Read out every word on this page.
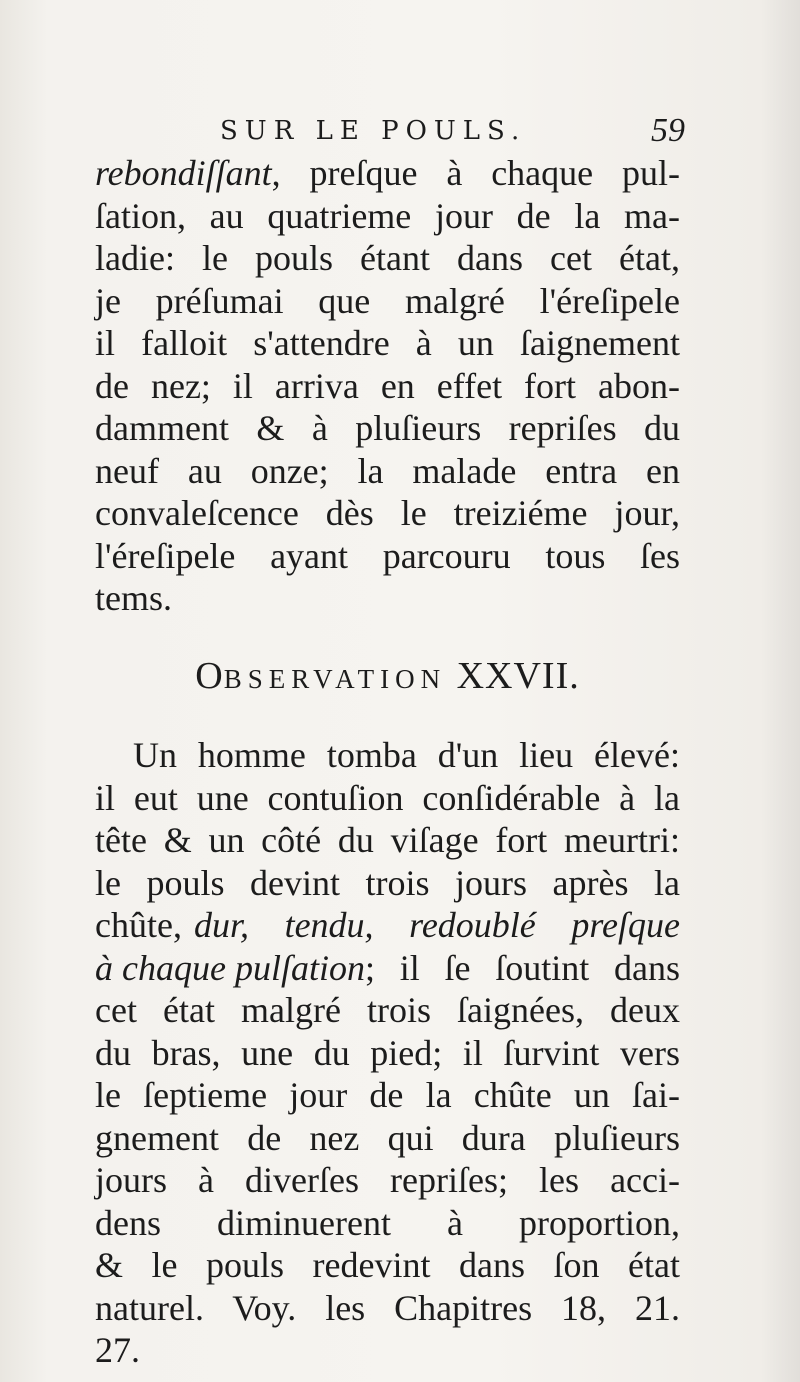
SUR LE POULS.	59
rebondiſſant , preſque à chaque pul-
ſation, au quatrieme jour de la ma-
ladie: le pouls étant dans cet état,
je préſumai que malgré l'éreſipele
il falloit s'attendre à un ſaignement
de nez; il arriva en effet fort abon-
damment & à pluſieurs repriſes du
neuf au onze; la malade entra en
convaleſcence dès le treiziéme jour,
l'éreſipele ayant parcouru tous ſes
tems.
OBSERVATION XXVII.
Un homme tomba d'un lieu élevé:
il eut une contuſion conſidérable à la
tête & un côté du viſage fort meurtri:
le pouls devint trois jours après la
chûte, dur, tendu, redoublé preſque
à chaque pulſation ; il ſe ſoutint dans
cet état malgré trois ſaignées, deux
du bras, une du pied; il ſurvint vers
le ſeptieme jour de la chûte un ſai-
gnement de nez qui dura pluſieurs
jours à diverſes repriſes; les acci-
dens diminuerent à proportion,
& le pouls redevint dans ſon état
naturel. Voy. les Chapitres 18, 21.
27.
